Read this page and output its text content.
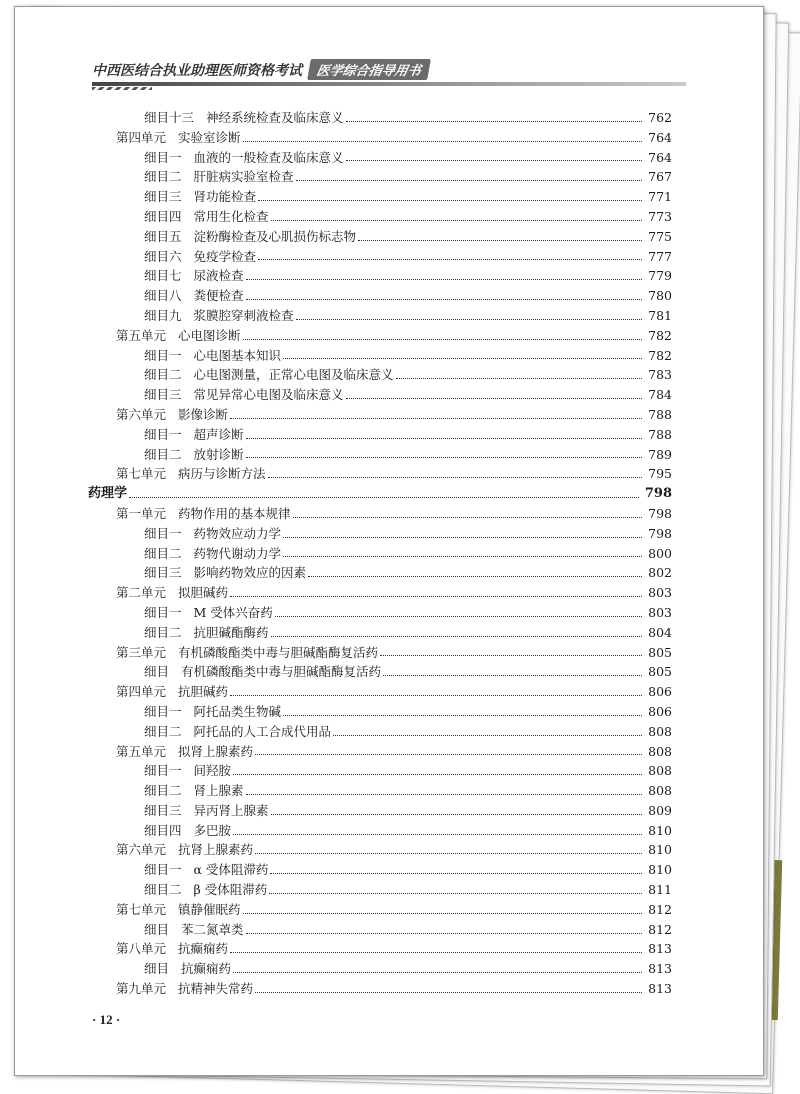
中西医结合执业助理医师资格考试	医学综合指导用书
细目十三 神经系统检查及临床意义	762
第四单元 实验室诊断	764
细目一 血液的一般检查及临床意义	764
细目二 肝脏病实验室检查	767
细目三 肾功能检查	771
细目四 常用生化检查	773
细目五 淀粉酶检查及心肌损伤标志物	775
细目六 免疫学检查	777
细目七 尿液检查	779
细目八 粪便检查	780
细目九 浆膜腔穿刺液检查	781
第五单元 心电图诊断	782
细目一 心电图基本知识	782
细目二 心电图测量，正常心电图及临床意义	783
细目三 常见异常心电图及临床意义	784
第六单元 影像诊断	788
细目一 超声诊断	788
细目二 放射诊断	789
第七单元 病历与诊断方法	795
药理学	798
第一单元 药物作用的基本规律	798
细目一 药物效应动力学	798
细目二 药物代谢动力学	800
细目三 影响药物效应的因素	802
第二单元 拟胆碱药	803
细目一 M 受体兴奋药	803
细目二 抗胆碱酯酶药	804
第三单元 有机磷酸酯类中毒与胆碱酯酶复活药	805
细目 有机磷酸酯类中毒与胆碱酯酶复活药	805
第四单元 抗胆碱药	806
细目一 阿托品类生物碱	806
细目二 阿托品的人工合成代用品	808
第五单元 拟肾上腺素药	808
细目一 间羟胺	808
细目二 肾上腺素	808
细目三 异丙肾上腺素	809
细目四 多巴胺	810
第六单元 抗肾上腺素药	810
细目一 α 受体阻滞药	810
细目二 β 受体阻滞药	811
第七单元 镇静催眠药	812
细目 苯二氮䓬类	812
第八单元 抗癫痫药	813
细目 抗癫痫药	813
第九单元 抗精神失常药	813
· 12 ·
